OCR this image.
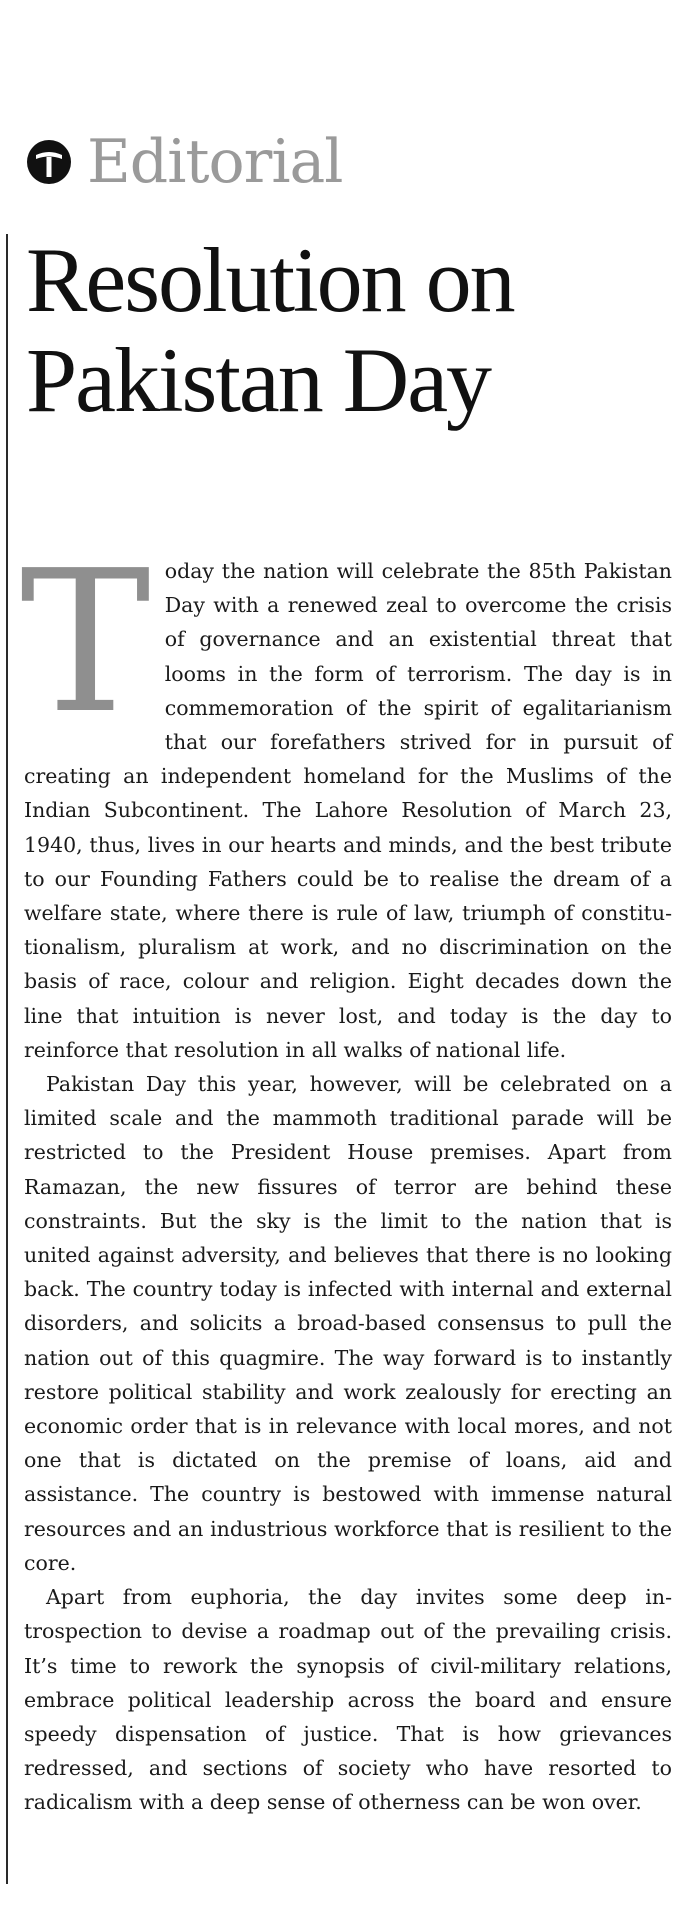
Editorial
Resolution on Pakistan Day

T oday the nation will celebrate the 85th Pakistan Day with a renewed zeal to overcome the crisis of governance and an existential threat that looms in the form of terrorism. The day is in commemoration of the spirit of egalitarianism that our forefathers strived for in pursuit of creating an independent homeland for the Muslims of the Indian Subcontinent. The Lahore Resolution of March 23, 1940, thus, lives in our hearts and minds, and the best tribute to our Founding Fathers could be to realise the dream of a welfare state, where there is rule of law, triumph of constitutionalism, pluralism at work, and no discrimination on the basis of race, colour and religion. Eight decades down the line that intuition is never lost, and today is the day to reinforce that resolution in all walks of national life.

Pakistan Day this year, however, will be celebrated on a limited scale and the mammoth traditional parade will be restricted to the President House premises. Apart from Ramazan, the new fissures of terror are behind these constraints. But the sky is the limit to the nation that is united against adversity, and believes that there is no looking back. The country today is infected with internal and external disorders, and solicits a broad-based consensus to pull the nation out of this quagmire. The way forward is to instantly restore political stability and work zealously for erecting an economic order that is in relevance with local mores, and not one that is dictated on the premise of loans, aid and assistance. The country is bestowed with immense natural resources and an industrious workforce that is resilient to the core.

Apart from euphoria, the day invites some deep introspection to devise a roadmap out of the prevailing crisis. It’s time to rework the synopsis of civil-military relations, embrace political leadership across the board and ensure speedy dispensation of justice. That is how grievances redressed, and sections of society who have resorted to radicalism with a deep sense of otherness can be won over.
